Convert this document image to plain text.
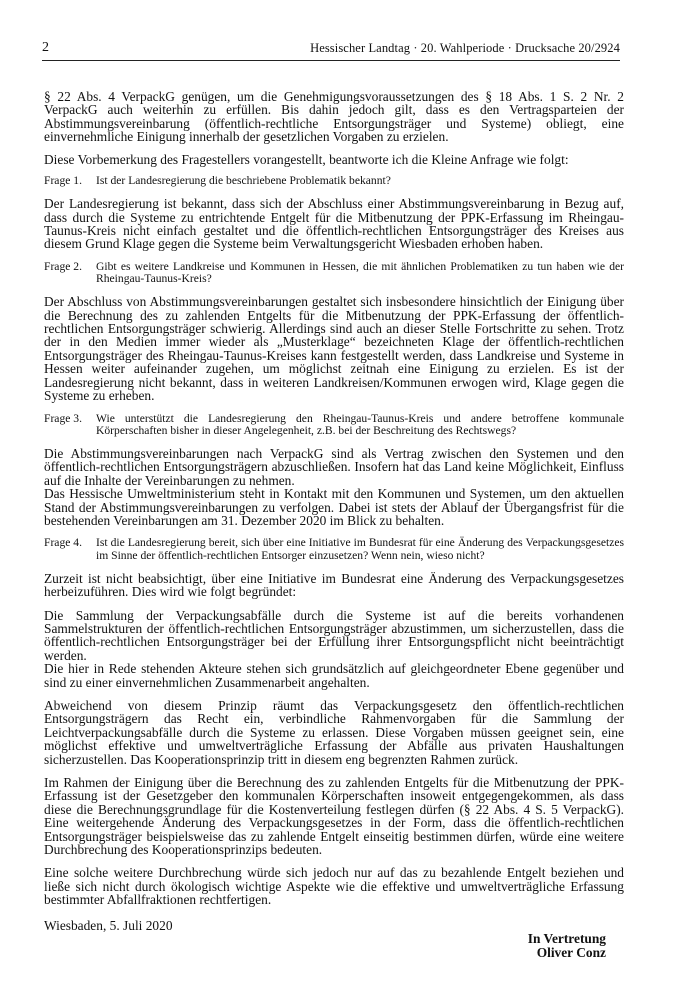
2	Hessischer Landtag · 20. Wahlperiode · Drucksache 20/2924

§ 22 Abs. 4 VerpackG genügen, um die Genehmigungsvoraussetzungen des § 18 Abs. 1 S. 2 Nr. 2 VerpackG auch weiterhin zu erfüllen. Bis dahin jedoch gilt, dass es den Vertragsparteien der Abstimmungsvereinbarung (öffentlich-rechtliche Entsorgungsträger und Systeme) obliegt, eine einvernehmliche Einigung innerhalb der gesetzlichen Vorgaben zu erzielen.

Diese Vorbemerkung des Fragestellers vorangestellt, beantworte ich die Kleine Anfrage wie folgt:

Frage 1.	Ist der Landesregierung die beschriebene Problematik bekannt?

Der Landesregierung ist bekannt, dass sich der Abschluss einer Abstimmungsvereinbarung in Bezug auf, dass durch die Systeme zu entrichtende Entgelt für die Mitbenutzung der PPK-Erfassung im Rheingau-Taunus-Kreis nicht einfach gestaltet und die öffentlich-rechtlichen Entsorgungsträger des Kreises aus diesem Grund Klage gegen die Systeme beim Verwaltungsgericht Wiesbaden erhoben haben.

Frage 2.	Gibt es weitere Landkreise und Kommunen in Hessen, die mit ähnlichen Problematiken zu tun haben wie der Rheingau-Taunus-Kreis?

Der Abschluss von Abstimmungsvereinbarungen gestaltet sich insbesondere hinsichtlich der Einigung über die Berechnung des zu zahlenden Entgelts für die Mitbenutzung der PPK-Erfassung der öffentlich-rechtlichen Entsorgungsträger schwierig. Allerdings sind auch an dieser Stelle Fortschritte zu sehen. Trotz der in den Medien immer wieder als „Musterklage“ bezeichneten Klage der öffentlich-rechtlichen Entsorgungsträger des Rheingau-Taunus-Kreises kann festgestellt werden, dass Landkreise und Systeme in Hessen weiter aufeinander zugehen, um möglichst zeitnah eine Einigung zu erzielen. Es ist der Landesregierung nicht bekannt, dass in weiteren Landkreisen/Kommunen erwogen wird, Klage gegen die Systeme zu erheben.

Frage 3.	Wie unterstützt die Landesregierung den Rheingau-Taunus-Kreis und andere betroffene kommunale Körperschaften bisher in dieser Angelegenheit, z.B. bei der Beschreitung des Rechtswegs?

Die Abstimmungsvereinbarungen nach VerpackG sind als Vertrag zwischen den Systemen und den öffentlich-rechtlichen Entsorgungsträgern abzuschließen. Insofern hat das Land keine Möglichkeit, Einfluss auf die Inhalte der Vereinbarungen zu nehmen.

Das Hessische Umweltministerium steht in Kontakt mit den Kommunen und Systemen, um den aktuellen Stand der Abstimmungsvereinbarungen zu verfolgen. Dabei ist stets der Ablauf der Übergangsfrist für die bestehenden Vereinbarungen am 31. Dezember 2020 im Blick zu behalten.

Frage 4.	Ist die Landesregierung bereit, sich über eine Initiative im Bundesrat für eine Änderung des Verpackungsgesetzes im Sinne der öffentlich-rechtlichen Entsorger einzusetzen? Wenn nein, wieso nicht?

Zurzeit ist nicht beabsichtigt, über eine Initiative im Bundesrat eine Änderung des Verpackungsgesetzes herbeizuführen. Dies wird wie folgt begründet:

Die Sammlung der Verpackungsabfälle durch die Systeme ist auf die bereits vorhandenen Sammelstrukturen der öffentlich-rechtlichen Entsorgungsträger abzustimmen, um sicherzustellen, dass die öffentlich-rechtlichen Entsorgungsträger bei der Erfüllung ihrer Entsorgungspflicht nicht beeinträchtigt werden.

Die hier in Rede stehenden Akteure stehen sich grundsätzlich auf gleichgeordneter Ebene gegenüber und sind zu einer einvernehmlichen Zusammenarbeit angehalten.

Abweichend von diesem Prinzip räumt das Verpackungsgesetz den öffentlich-rechtlichen Entsorgungsträgern das Recht ein, verbindliche Rahmenvorgaben für die Sammlung der Leichtverpackungsabfälle durch die Systeme zu erlassen. Diese Vorgaben müssen geeignet sein, eine möglichst effektive und umweltverträgliche Erfassung der Abfälle aus privaten Haushaltungen sicherzustellen. Das Kooperationsprinzip tritt in diesem eng begrenzten Rahmen zurück.

Im Rahmen der Einigung über die Berechnung des zu zahlenden Entgelts für die Mitbenutzung der PPK-Erfassung ist der Gesetzgeber den kommunalen Körperschaften insoweit entgegengekommen, als dass diese die Berechnungsgrundlage für die Kostenverteilung festlegen dürfen (§ 22 Abs. 4 S. 5 VerpackG). Eine weitergehende Änderung des Verpackungsgesetzes in der Form, dass die öffentlich-rechtlichen Entsorgungsträger beispielsweise das zu zahlende Entgelt einseitig bestimmen dürfen, würde eine weitere Durchbrechung des Kooperationsprinzips bedeuten.

Eine solche weitere Durchbrechung würde sich jedoch nur auf das zu bezahlende Entgelt beziehen und ließe sich nicht durch ökologisch wichtige Aspekte wie die effektive und umweltverträgliche Erfassung bestimmter Abfallfraktionen rechtfertigen.

Wiesbaden, 5. Juli 2020
In Vertretung
Oliver Conz
